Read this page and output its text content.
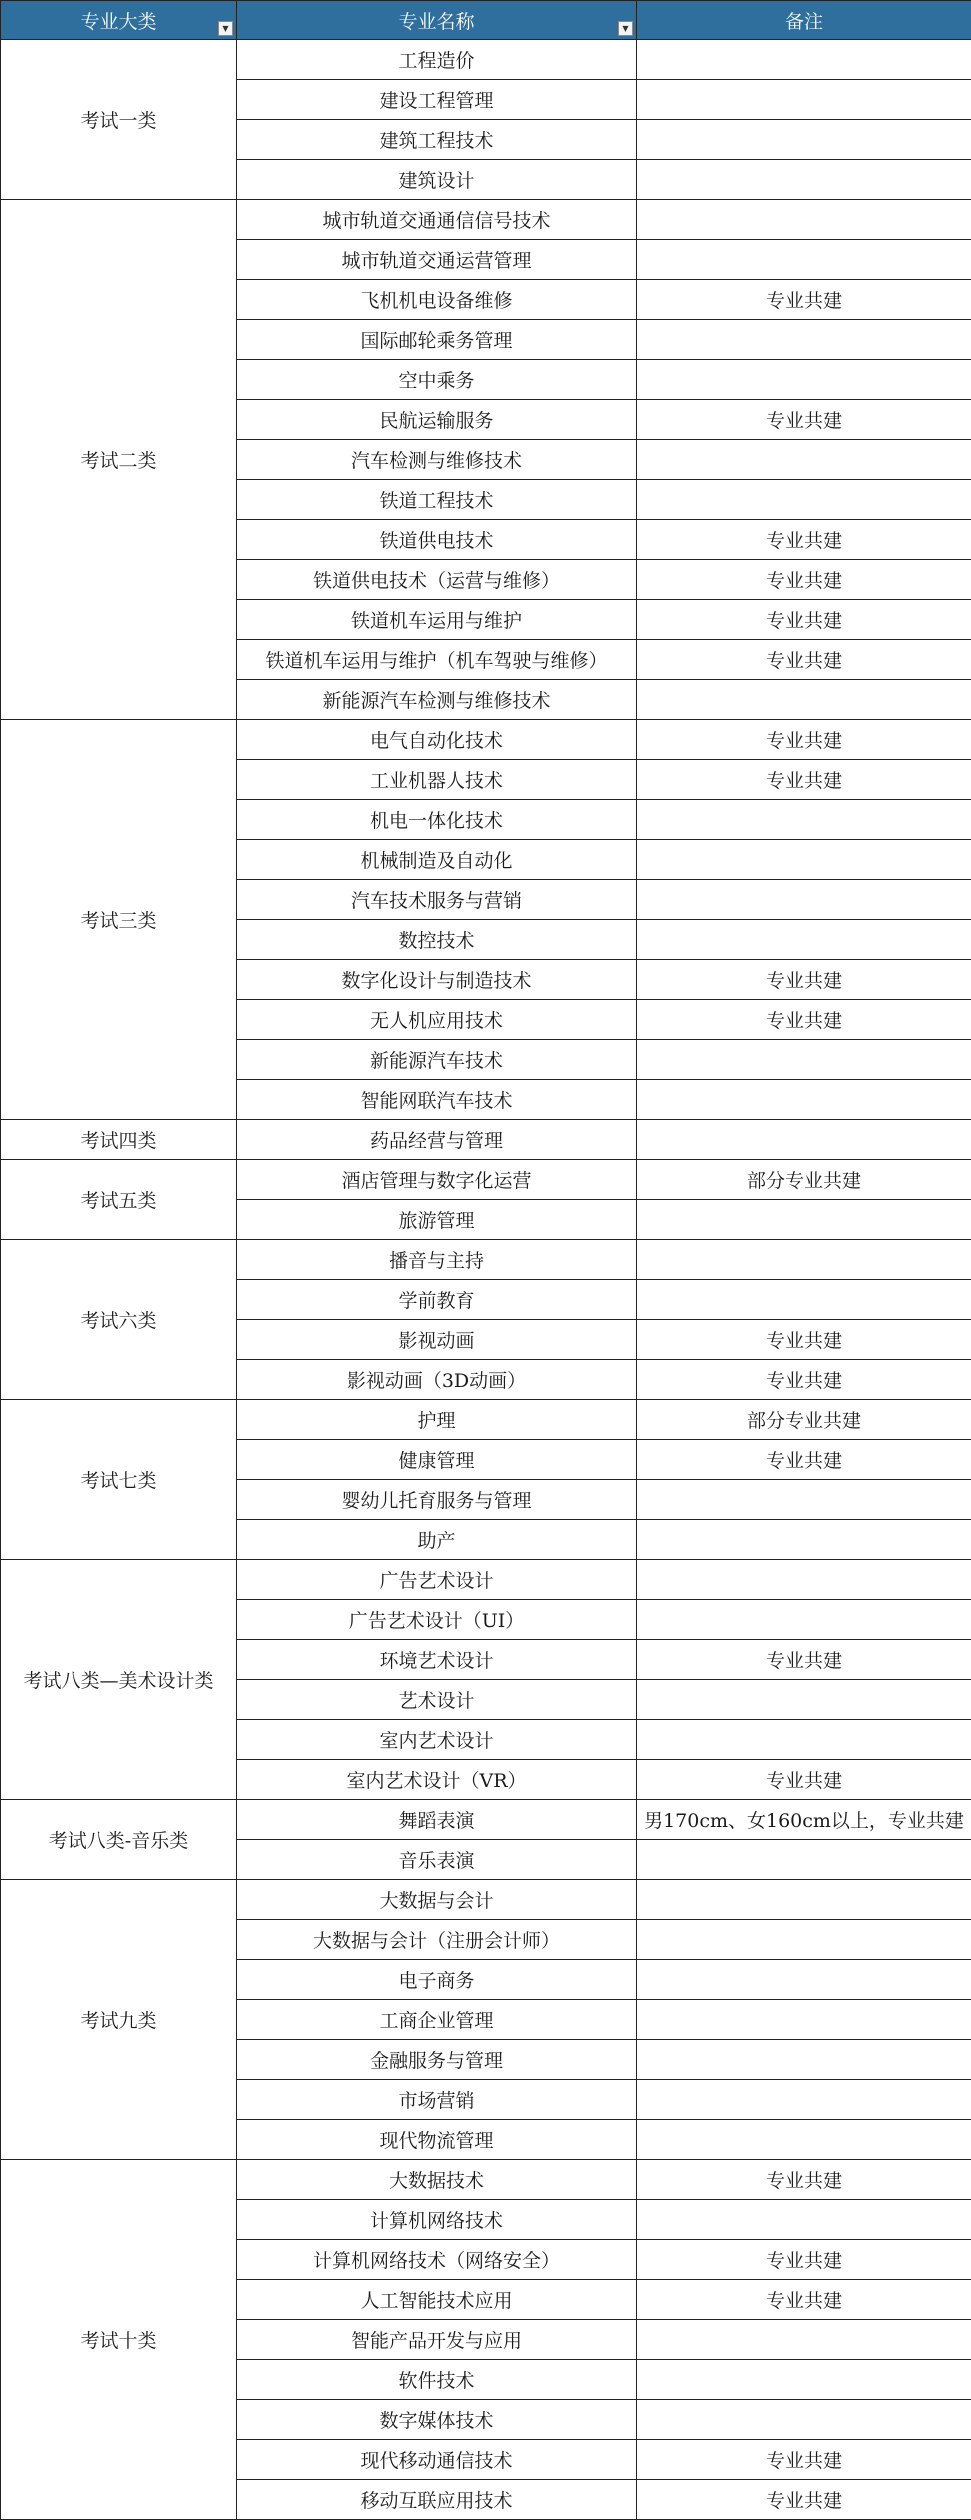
专业大类 ▼	专业名称 ▼	备注
考试一类	工程造价	
	建设工程管理	
	建筑工程技术	
	建筑设计	
考试二类	城市轨道交通通信信号技术	
	城市轨道交通运营管理	
	飞机机电设备维修	专业共建
	国际邮轮乘务管理	
	空中乘务	
	民航运输服务	专业共建
	汽车检测与维修技术	
	铁道工程技术	
	铁道供电技术	专业共建
	铁道供电技术（运营与维修）	专业共建
	铁道机车运用与维护	专业共建
	铁道机车运用与维护（机车驾驶与维修）	专业共建
	新能源汽车检测与维修技术	
考试三类	电气自动化技术	专业共建
	工业机器人技术	专业共建
	机电一体化技术	
	机械制造及自动化	
	汽车技术服务与营销	
	数控技术	
	数字化设计与制造技术	专业共建
	无人机应用技术	专业共建
	新能源汽车技术	
	智能网联汽车技术	
考试四类	药品经营与管理	
考试五类	酒店管理与数字化运营	部分专业共建
	旅游管理	
考试六类	播音与主持	
	学前教育	
	影视动画	专业共建
	影视动画（3D动画）	专业共建
考试七类	护理	部分专业共建
	健康管理	专业共建
	婴幼儿托育服务与管理	
	助产	
考试八类—美术设计类	广告艺术设计	
	广告艺术设计（UI）	
	环境艺术设计	专业共建
	艺术设计	
	室内艺术设计	
	室内艺术设计（VR）	专业共建
考试八类-音乐类	舞蹈表演	男170cm、女160cm以上，专业共建
	音乐表演	
考试九类	大数据与会计	
	大数据与会计（注册会计师）	
	电子商务	
	工商企业管理	
	金融服务与管理	
	市场营销	
	现代物流管理	
考试十类	大数据技术	专业共建
	计算机网络技术	
	计算机网络技术（网络安全）	专业共建
	人工智能技术应用	专业共建
	智能产品开发与应用	
	软件技术	
	数字媒体技术	
	现代移动通信技术	专业共建
	移动互联应用技术	专业共建
